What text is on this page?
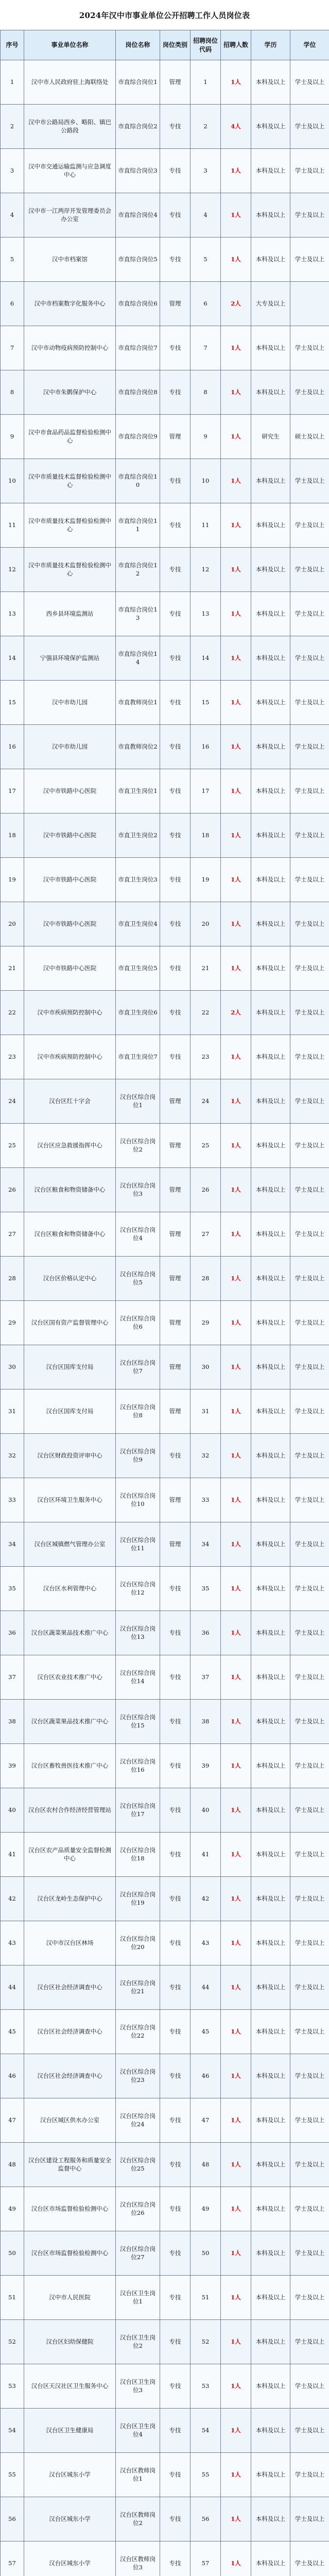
2024年汉中市事业单位公开招聘工作人员岗位表
序号	事业单位名称	岗位名称	岗位类别	招聘岗位代码	招聘人数	学历	学位
1	汉中市人民政府驻上海联络处	市直综合岗位1	管理	1	1人	本科及以上	学士及以上
2	汉中市公路局西乡、略阳、镇巴公路段	市直综合岗位2	专技	2	4人	本科及以上	学士及以上
3	汉中市交通运输监测与应急调度中心	市直综合岗位3	专技	3	1人	本科及以上	学士及以上
4	汉中市一江两岸开发管理委员会办公室	市直综合岗位4	专技	4	1人	本科及以上	学士及以上
5	汉中市档案馆	市直综合岗位5	专技	5	1人	本科及以上	学士及以上
6	汉中市档案数字化服务中心	市直综合岗位6	管理	6	2人	大专及以上	
7	汉中市动物疫病预防控制中心	市直综合岗位7	专技	7	1人	本科及以上	学士及以上
8	汉中市朱鹮保护中心	市直综合岗位8	专技	8	1人	本科及以上	学士及以上
9	汉中市食品药品监督检验检测中心	市直综合岗位9	管理	9	1人	研究生	硕士及以上
10	汉中市质量技术监督检验检测中心	市直综合岗位10	专技	10	1人	本科及以上	学士及以上
11	汉中市质量技术监督检验检测中心	市直综合岗位11	专技	11	1人	本科及以上	学士及以上
12	汉中市质量技术监督检验检测中心	市直综合岗位12	专技	12	1人	本科及以上	学士及以上
13	西乡县环境监测站	市直综合岗位13	专技	13	1人	本科及以上	学士及以上
14	宁强县环境保护监测站	市直综合岗位14	专技	14	1人	本科及以上	学士及以上
15	汉中市幼儿园	市直教师岗位1	专技	15	1人	本科及以上	学士及以上
16	汉中市幼儿园	市直教师岗位2	专技	16	1人	本科及以上	学士及以上
17	汉中市铁路中心医院	市直卫生岗位1	专技	17	1人	本科及以上	学士及以上
18	汉中市铁路中心医院	市直卫生岗位2	专技	18	1人	本科及以上	学士及以上
19	汉中市铁路中心医院	市直卫生岗位3	专技	19	1人	本科及以上	学士及以上
20	汉中市铁路中心医院	市直卫生岗位4	专技	20	1人	本科及以上	学士及以上
21	汉中市铁路中心医院	市直卫生岗位5	专技	21	1人	本科及以上	学士及以上
22	汉中市疾病预防控制中心	市直卫生岗位6	专技	22	2人	本科及以上	学士及以上
23	汉中市疾病预防控制中心	市直卫生岗位7	专技	23	1人	本科及以上	学士及以上
24	汉台区红十字会	汉台区综合岗位1	管理	24	1人	本科及以上	学士及以上
25	汉台区应急救援指挥中心	汉台区综合岗位2	管理	25	1人	本科及以上	学士及以上
26	汉台区粮食和物资储备中心	汉台区综合岗位3	管理	26	1人	本科及以上	学士及以上
27	汉台区粮食和物资储备中心	汉台区综合岗位4	管理	27	1人	本科及以上	学士及以上
28	汉台区价格认定中心	汉台区综合岗位5	管理	28	1人	本科及以上	学士及以上
29	汉台区国有资产监督管理中心	汉台区综合岗位6	管理	29	1人	本科及以上	学士及以上
30	汉台区国库支付局	汉台区综合岗位7	管理	30	1人	本科及以上	学士及以上
31	汉台区国库支付局	汉台区综合岗位8	管理	31	1人	本科及以上	学士及以上
32	汉台区财政投资评审中心	汉台区综合岗位9	专技	32	1人	本科及以上	学士及以上
33	汉台区环境卫生服务中心	汉台区综合岗位10	管理	33	1人	本科及以上	学士及以上
34	汉台区城镇燃气管理办公室	汉台区综合岗位11	管理	34	1人	本科及以上	学士及以上
35	汉台区水利管理中心	汉台区综合岗位12	专技	35	1人	本科及以上	学士及以上
36	汉台区蔬菜果品技术推广中心	汉台区综合岗位13	专技	36	1人	本科及以上	学士及以上
37	汉台区农业技术推广中心	汉台区综合岗位14	专技	37	1人	本科及以上	学士及以上
38	汉台区蔬菜果品技术推广中心	汉台区综合岗位15	专技	38	1人	本科及以上	学士及以上
39	汉台区畜牧兽医技术推广中心	汉台区综合岗位16	专技	39	1人	本科及以上	学士及以上
40	汉台区农村合作经济经营管理站	汉台区综合岗位17	专技	40	1人	本科及以上	学士及以上
41	汉台区农产品质量安全监督检测中心	汉台区综合岗位18	专技	41	1人	本科及以上	学士及以上
42	汉台区龙岭生态保护中心	汉台区综合岗位19	专技	42	1人	本科及以上	学士及以上
43	汉中市汉台区林场	汉台区综合岗位20	专技	43	1人	本科及以上	学士及以上
44	汉台区社会经济调查中心	汉台区综合岗位21	专技	44	1人	本科及以上	学士及以上
45	汉台区社会经济调查中心	汉台区综合岗位22	专技	45	1人	本科及以上	学士及以上
46	汉台区社会经济调查中心	汉台区综合岗位23	专技	46	1人	本科及以上	学士及以上
47	汉台区城区供水办公室	汉台区综合岗位24	专技	47	1人	本科及以上	学士及以上
48	汉台区建设工程服务和质量安全监督中心	汉台区综合岗位25	专技	48	1人	本科及以上	学士及以上
49	汉台区市场监督检验检测中心	汉台区综合岗位26	专技	49	1人	本科及以上	学士及以上
50	汉台区市场监督检验检测中心	汉台区综合岗位27	专技	50	1人	本科及以上	学士及以上
51	汉中市人民医院	汉台区卫生岗位1	专技	51	1人	本科及以上	学士及以上
52	汉台区妇幼保健院	汉台区卫生岗位2	专技	52	1人	本科及以上	学士及以上
53	汉台区天汉社区卫生服务中心	汉台区卫生岗位3	专技	53	1人	本科及以上	学士及以上
54	汉台区卫生健康局	汉台区卫生岗位4	专技	54	1人	本科及以上	学士及以上
55	汉台区城东小学	汉台区教师岗位1	专技	55	1人	本科及以上	学士及以上
56	汉台区城东小学	汉台区教师岗位2	专技	56	1人	本科及以上	学士及以上
57	汉台区城东小学	汉台区教师岗位3	专技	57	1人	本科及以上	学士及以上
